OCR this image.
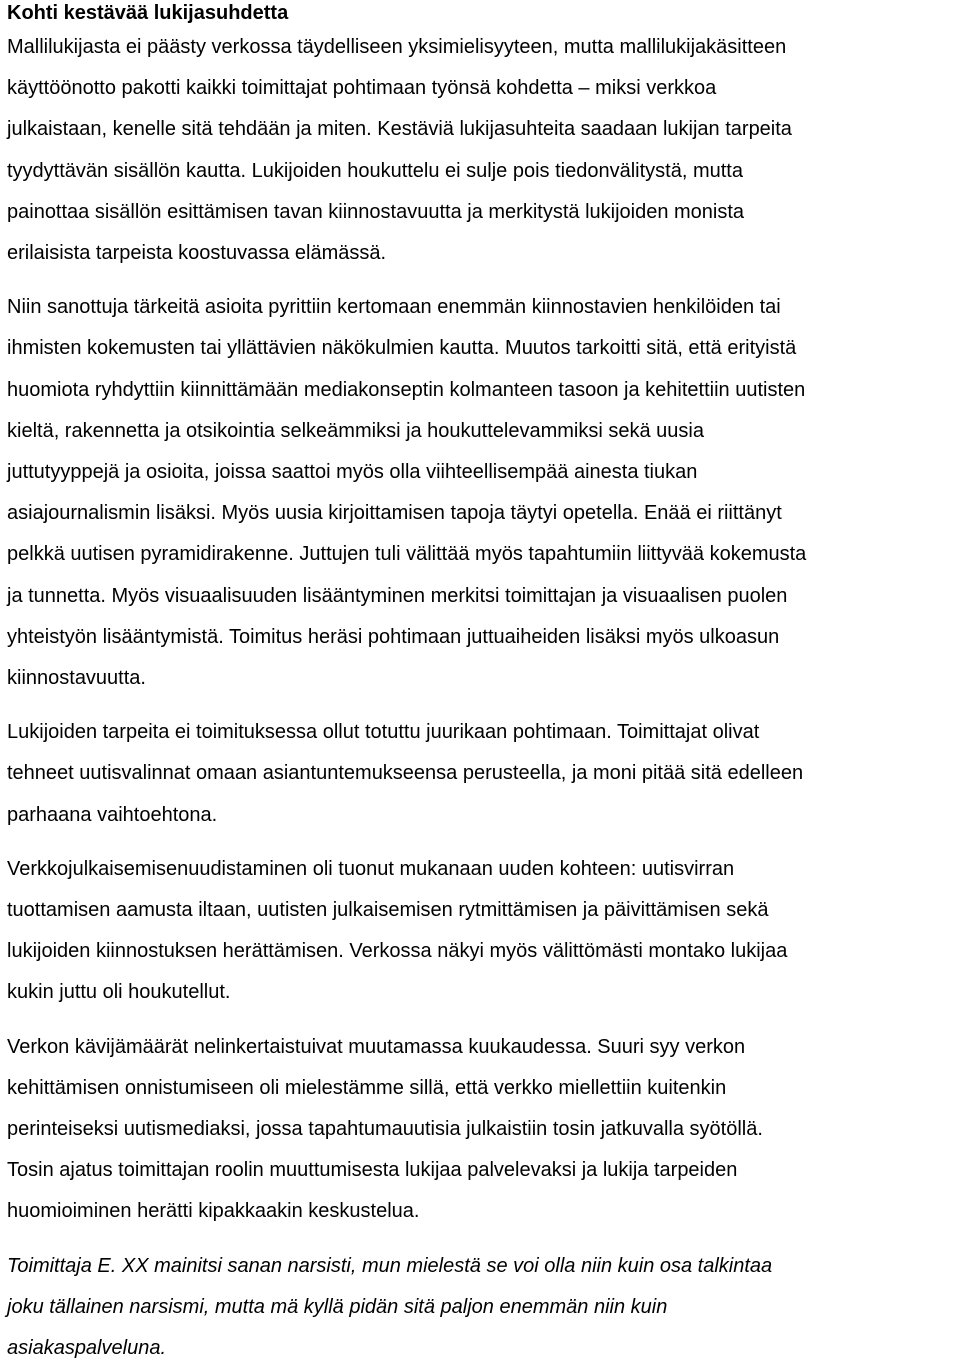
Kohti kestävää lukijasuhdetta

Mallilukijasta ei päästy verkossa täydelliseen yksimielisyyteen, mutta mallilukijakäsitteen
käyttöönotto pakotti kaikki toimittajat pohtimaan työnsä kohdetta – miksi verkkoa
julkaistaan, kenelle sitä tehdään ja miten. Kestäviä lukijasuhteita saadaan lukijan tarpeita
tyydyttävän sisällön kautta. Lukijoiden houkuttelu ei sulje pois tiedonvälitystä, mutta
painottaa sisällön esittämisen tavan kiinnostavuutta ja merkitystä lukijoiden monista
erilaisista tarpeista koostuvassa elämässä.

Niin sanottuja tärkeitä asioita pyrittiin kertomaan enemmän kiinnostavien henkilöiden tai
ihmisten kokemusten tai yllättävien näkökulmien kautta. Muutos tarkoitti sitä, että erityistä
huomiota ryhdyttiin kiinnittämään mediakonseptin kolmanteen tasoon ja kehitettiin uutisten
kieltä, rakennetta ja otsikointia selkeämmiksi ja houkuttelevammiksi sekä uusia
juttutyyppejä ja osioita, joissa saattoi myös olla viihteellisempää ainesta tiukan
asiajournalismin lisäksi. Myös uusia kirjoittamisen tapoja täytyi opetella. Enää ei riittänyt
pelkkä uutisen pyramidirakenne. Juttujen tuli välittää myös tapahtumiin liittyvää kokemusta
ja tunnetta. Myös visuaalisuuden lisääntyminen merkitsi toimittajan ja visuaalisen puolen
yhteistyön lisääntymistä. Toimitus heräsi pohtimaan juttuaiheiden lisäksi myös ulkoasun
kiinnostavuutta.

Lukijoiden tarpeita ei toimituksessa ollut totuttu juurikaan pohtimaan. Toimittajat olivat
tehneet uutisvalinnat omaan asiantuntemukseensa perusteella, ja moni pitää sitä edelleen
parhaana vaihtoehtona.

Verkkojulkaisemisenuudistaminen oli tuonut mukanaan uuden kohteen: uutisvirran
tuottamisen aamusta iltaan, uutisten julkaisemisen rytmittämisen ja päivittämisen sekä
lukijoiden kiinnostuksen herättämisen. Verkossa näkyi myös välittömästi montako lukijaa
kukin juttu oli houkutellut.

Verkon kävijämäärät nelinkertaistuivat muutamassa kuukaudessa. Suuri syy verkon
kehittämisen onnistumiseen oli mielestämme sillä, että verkko miellettiin kuitenkin
perinteiseksi uutismediaksi, jossa tapahtumauutisia julkaistiin tosin jatkuvalla syötöllä.
Tosin ajatus toimittajan roolin muuttumisesta lukijaa palvelevaksi ja lukija tarpeiden
huomioiminen herätti kipakkaakin keskustelua.

Toimittaja E. XX mainitsi sanan narsisti, mun mielestä se voi olla niin kuin osa talkintaa
joku tällainen narsismi, mutta mä kyllä pidän sitä paljon enemmän niin kuin
asiakaspalveluna.
